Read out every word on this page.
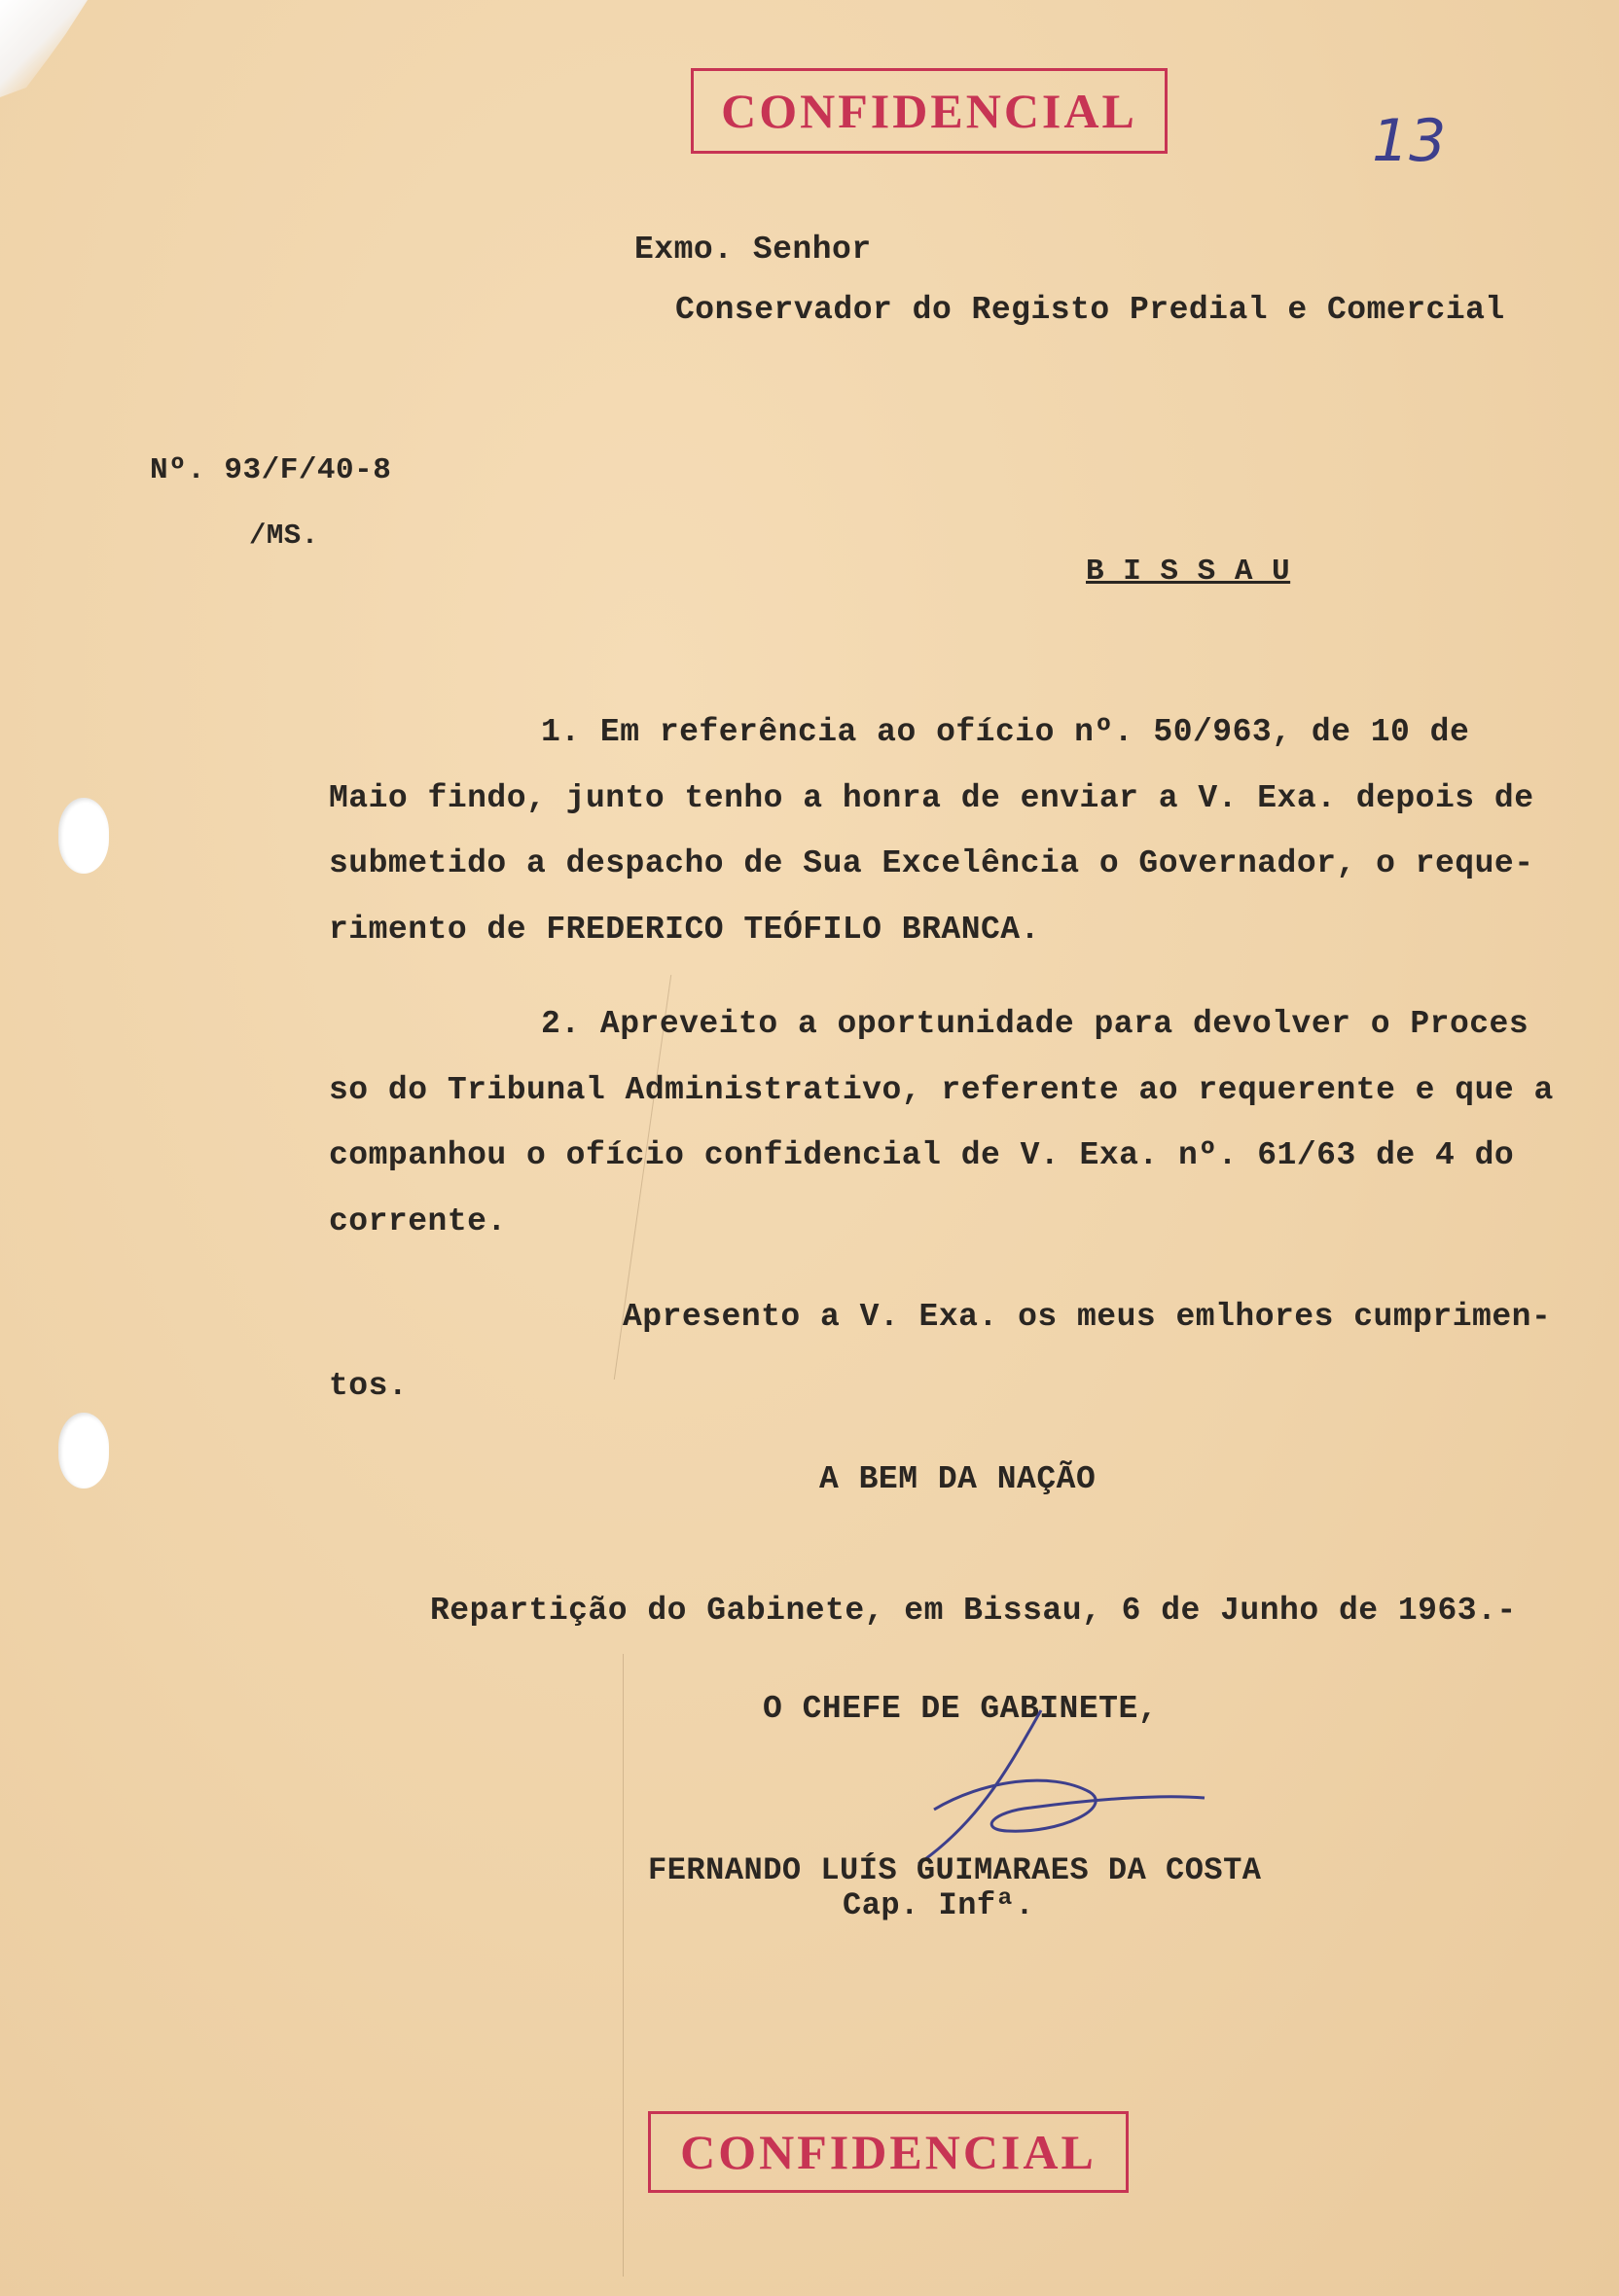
CONFIDENCIAL	13
Exmo. Senhor
Conservador do Registo Predial e Comercial
Nº. 93/F/40-8
/MS.
B I S S A U
1. Em referência ao ofício nº. 50/963, de 10 de
Maio findo, junto tenho a honra de enviar a V. Exa. depois de
submetido a despacho de Sua Excelência o Governador, o reque-
rimento de FREDERICO TEÓFILO BRANCA.
2. Apreveito a oportunidade para devolver o Proces
so do Tribunal Administrativo, referente ao requerente e que a
companhou o ofício confidencial de V. Exa. nº. 61/63 de 4 do
corrente.
Apresento a V. Exa. os meus emlhores cumprimen-
tos.
A BEM DA NAÇÃO
Repartição do Gabinete, em Bissau, 6 de Junho de 1963.-
O CHEFE DE GABINETE,
FERNANDO LUÍS GUIMARAES DA COSTA
Cap. Infª.
CONFIDENCIAL
